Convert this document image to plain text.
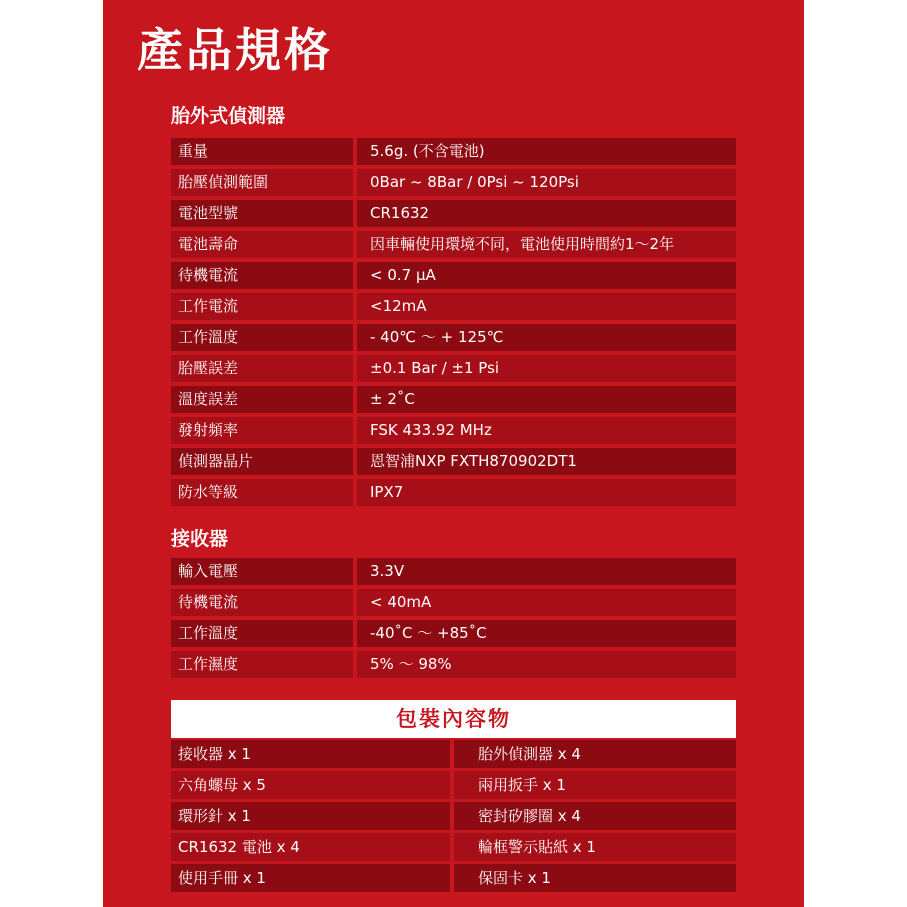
產品規格
胎外式偵測器
重量	5.6g. (不含電池)
胎壓偵測範圍	0Bar ~ 8Bar / 0Psi ~ 120Psi
電池型號	CR1632
電池壽命	因車輛使用環境不同，電池使用時間約1～2年
待機電流	< 0.7 μA
工作電流	<12mA
工作溫度	- 40℃ ～ + 125℃
胎壓誤差	±0.1 Bar / ±1 Psi
溫度誤差	± 2˚C
發射頻率	FSK 433.92 MHz
偵測器晶片	恩智浦NXP FXTH870902DT1
防水等級	IPX7
接收器
輸入電壓	3.3V
待機電流	< 40mA
工作溫度	-40˚C ～ +85˚C
工作濕度	5% ～ 98%
包裝內容物
接收器 x 1	胎外偵測器 x 4
六角螺母 x 5	兩用扳手 x 1
環形針 x 1	密封矽膠圈 x 4
CR1632 電池 x 4	輪框警示貼紙 x 1
使用手冊 x 1	保固卡 x 1
